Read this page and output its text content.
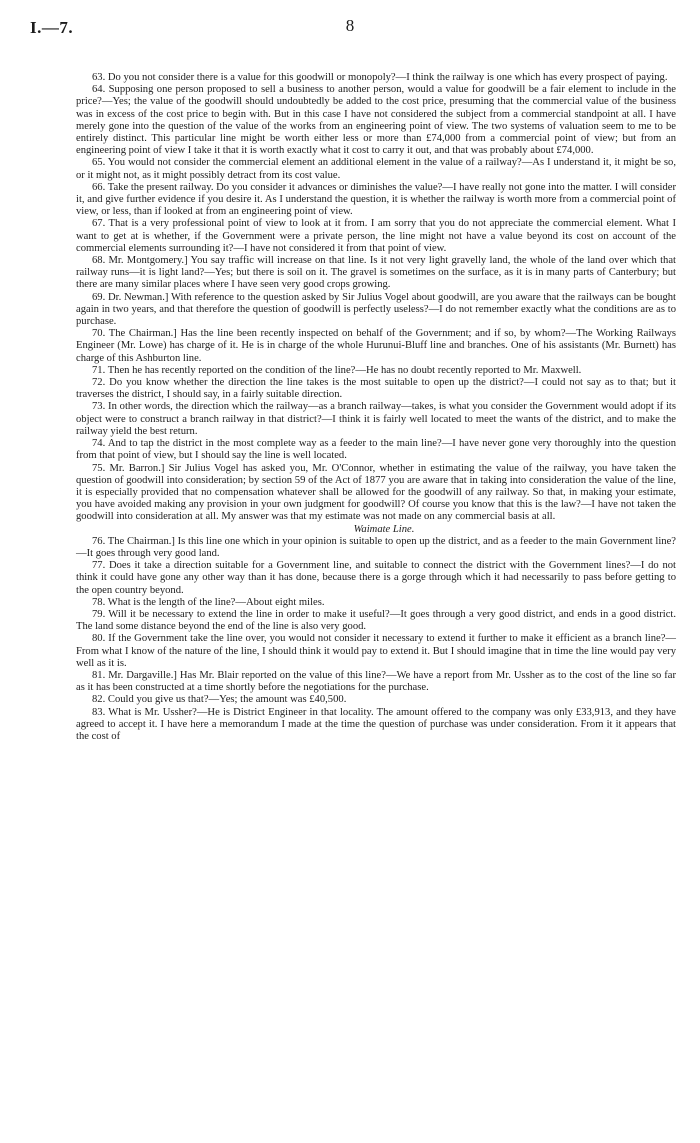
I.—7.	8

63. Do you not consider there is a value for this goodwill or monopoly?—I think the railway is one which has every prospect of paying.

64. Supposing one person proposed to sell a business to another person, would a value for goodwill be a fair element to include in the price?—Yes; the value of the goodwill should undoubtedly be added to the cost price, presuming that the commercial value of the business was in excess of the cost price to begin with. But in this case I have not considered the subject from a commercial standpoint at all. I have merely gone into the question of the value of the works from an engineering point of view. The two systems of valuation seem to me to be entirely distinct. This particular line might be worth either less or more than £74,000 from a commercial point of view; but from an engineering point of view I take it that it is worth exactly what it cost to carry it out, and that was probably about £74,000.

65. You would not consider the commercial element an additional element in the value of a railway?—As I understand it, it might be so, or it might not, as it might possibly detract from its cost value.

66. Take the present railway. Do you consider it advances or diminishes the value?—I have really not gone into the matter. I will consider it, and give further evidence if you desire it. As I understand the question, it is whether the railway is worth more from a commercial point of view, or less, than if looked at from an engineering point of view.

67. That is a very professional point of view to look at it from. I am sorry that you do not appreciate the commercial element. What I want to get at is whether, if the Government were a private person, the line might not have a value beyond its cost on account of the commercial elements surrounding it?—I have not considered it from that point of view.

68. Mr. Montgomery.] You say traffic will increase on that line. Is it not very light gravelly land, the whole of the land over which that railway runs—it is light land?—Yes; but there is soil on it. The gravel is sometimes on the surface, as it is in many parts of Canterbury; but there are many similar places where I have seen very good crops growing.

69. Dr. Newman.] With reference to the question asked by Sir Julius Vogel about goodwill, are you aware that the railways can be bought again in two years, and that therefore the question of goodwill is perfectly useless?—I do not remember exactly what the conditions are as to purchase.

70. The Chairman.] Has the line been recently inspected on behalf of the Government; and if so, by whom?—The Working Railways Engineer (Mr. Lowe) has charge of it. He is in charge of the whole Hurunui-Bluff line and branches. One of his assistants (Mr. Burnett) has charge of this Ashburton line.

71. Then he has recently reported on the condition of the line?—He has no doubt recently reported to Mr. Maxwell.

72. Do you know whether the direction the line takes is the most suitable to open up the district?—I could not say as to that; but it traverses the district, I should say, in a fairly suitable direction.

73. In other words, the direction which the railway—as a branch railway—takes, is what you consider the Government would adopt if its object were to construct a branch railway in that district?—I think it is fairly well located to meet the wants of the district, and to make the railway yield the best return.

74. And to tap the district in the most complete way as a feeder to the main line?—I have never gone very thoroughly into the question from that point of view, but I should say the line is well located.

75. Mr. Barron.] Sir Julius Vogel has asked you, Mr. O'Connor, whether in estimating the value of the railway, you have taken the question of goodwill into consideration; by section 59 of the Act of 1877 you are aware that in taking into consideration the value of the line, it is especially provided that no compensation whatever shall be allowed for the goodwill of any railway. So that, in making your estimate, you have avoided making any provision in your own judgment for goodwill? Of course you know that this is the law?—I have not taken the goodwill into consideration at all. My answer was that my estimate was not made on any commercial basis at all.

Waimate Line.

76. The Chairman.] Is this line one which in your opinion is suitable to open up the district, and as a feeder to the main Government line?—It goes through very good land.

77. Does it take a direction suitable for a Government line, and suitable to connect the district with the Government lines?—I do not think it could have gone any other way than it has done, because there is a gorge through which it had necessarily to pass before getting to the open country beyond.

78. What is the length of the line?—About eight miles.

79. Will it be necessary to extend the line in order to make it useful?—It goes through a very good district, and ends in a good district. The land some distance beyond the end of the line is also very good.

80. If the Government take the line over, you would not consider it necessary to extend it further to make it efficient as a branch line?—From what I know of the nature of the line, I should think it would pay to extend it. But I should imagine that in time the line would pay very well as it is.

81. Mr. Dargaville.] Has Mr. Blair reported on the value of this line?—We have a report from Mr. Ussher as to the cost of the line so far as it has been constructed at a time shortly before the negotiations for the purchase.

82. Could you give us that?—Yes; the amount was £40,500.

83. What is Mr. Ussher?—He is District Engineer in that locality. The amount offered to the company was only £33,913, and they have agreed to accept it. I have here a memorandum I made at the time the question of purchase was under consideration. From it it appears that the cost of
